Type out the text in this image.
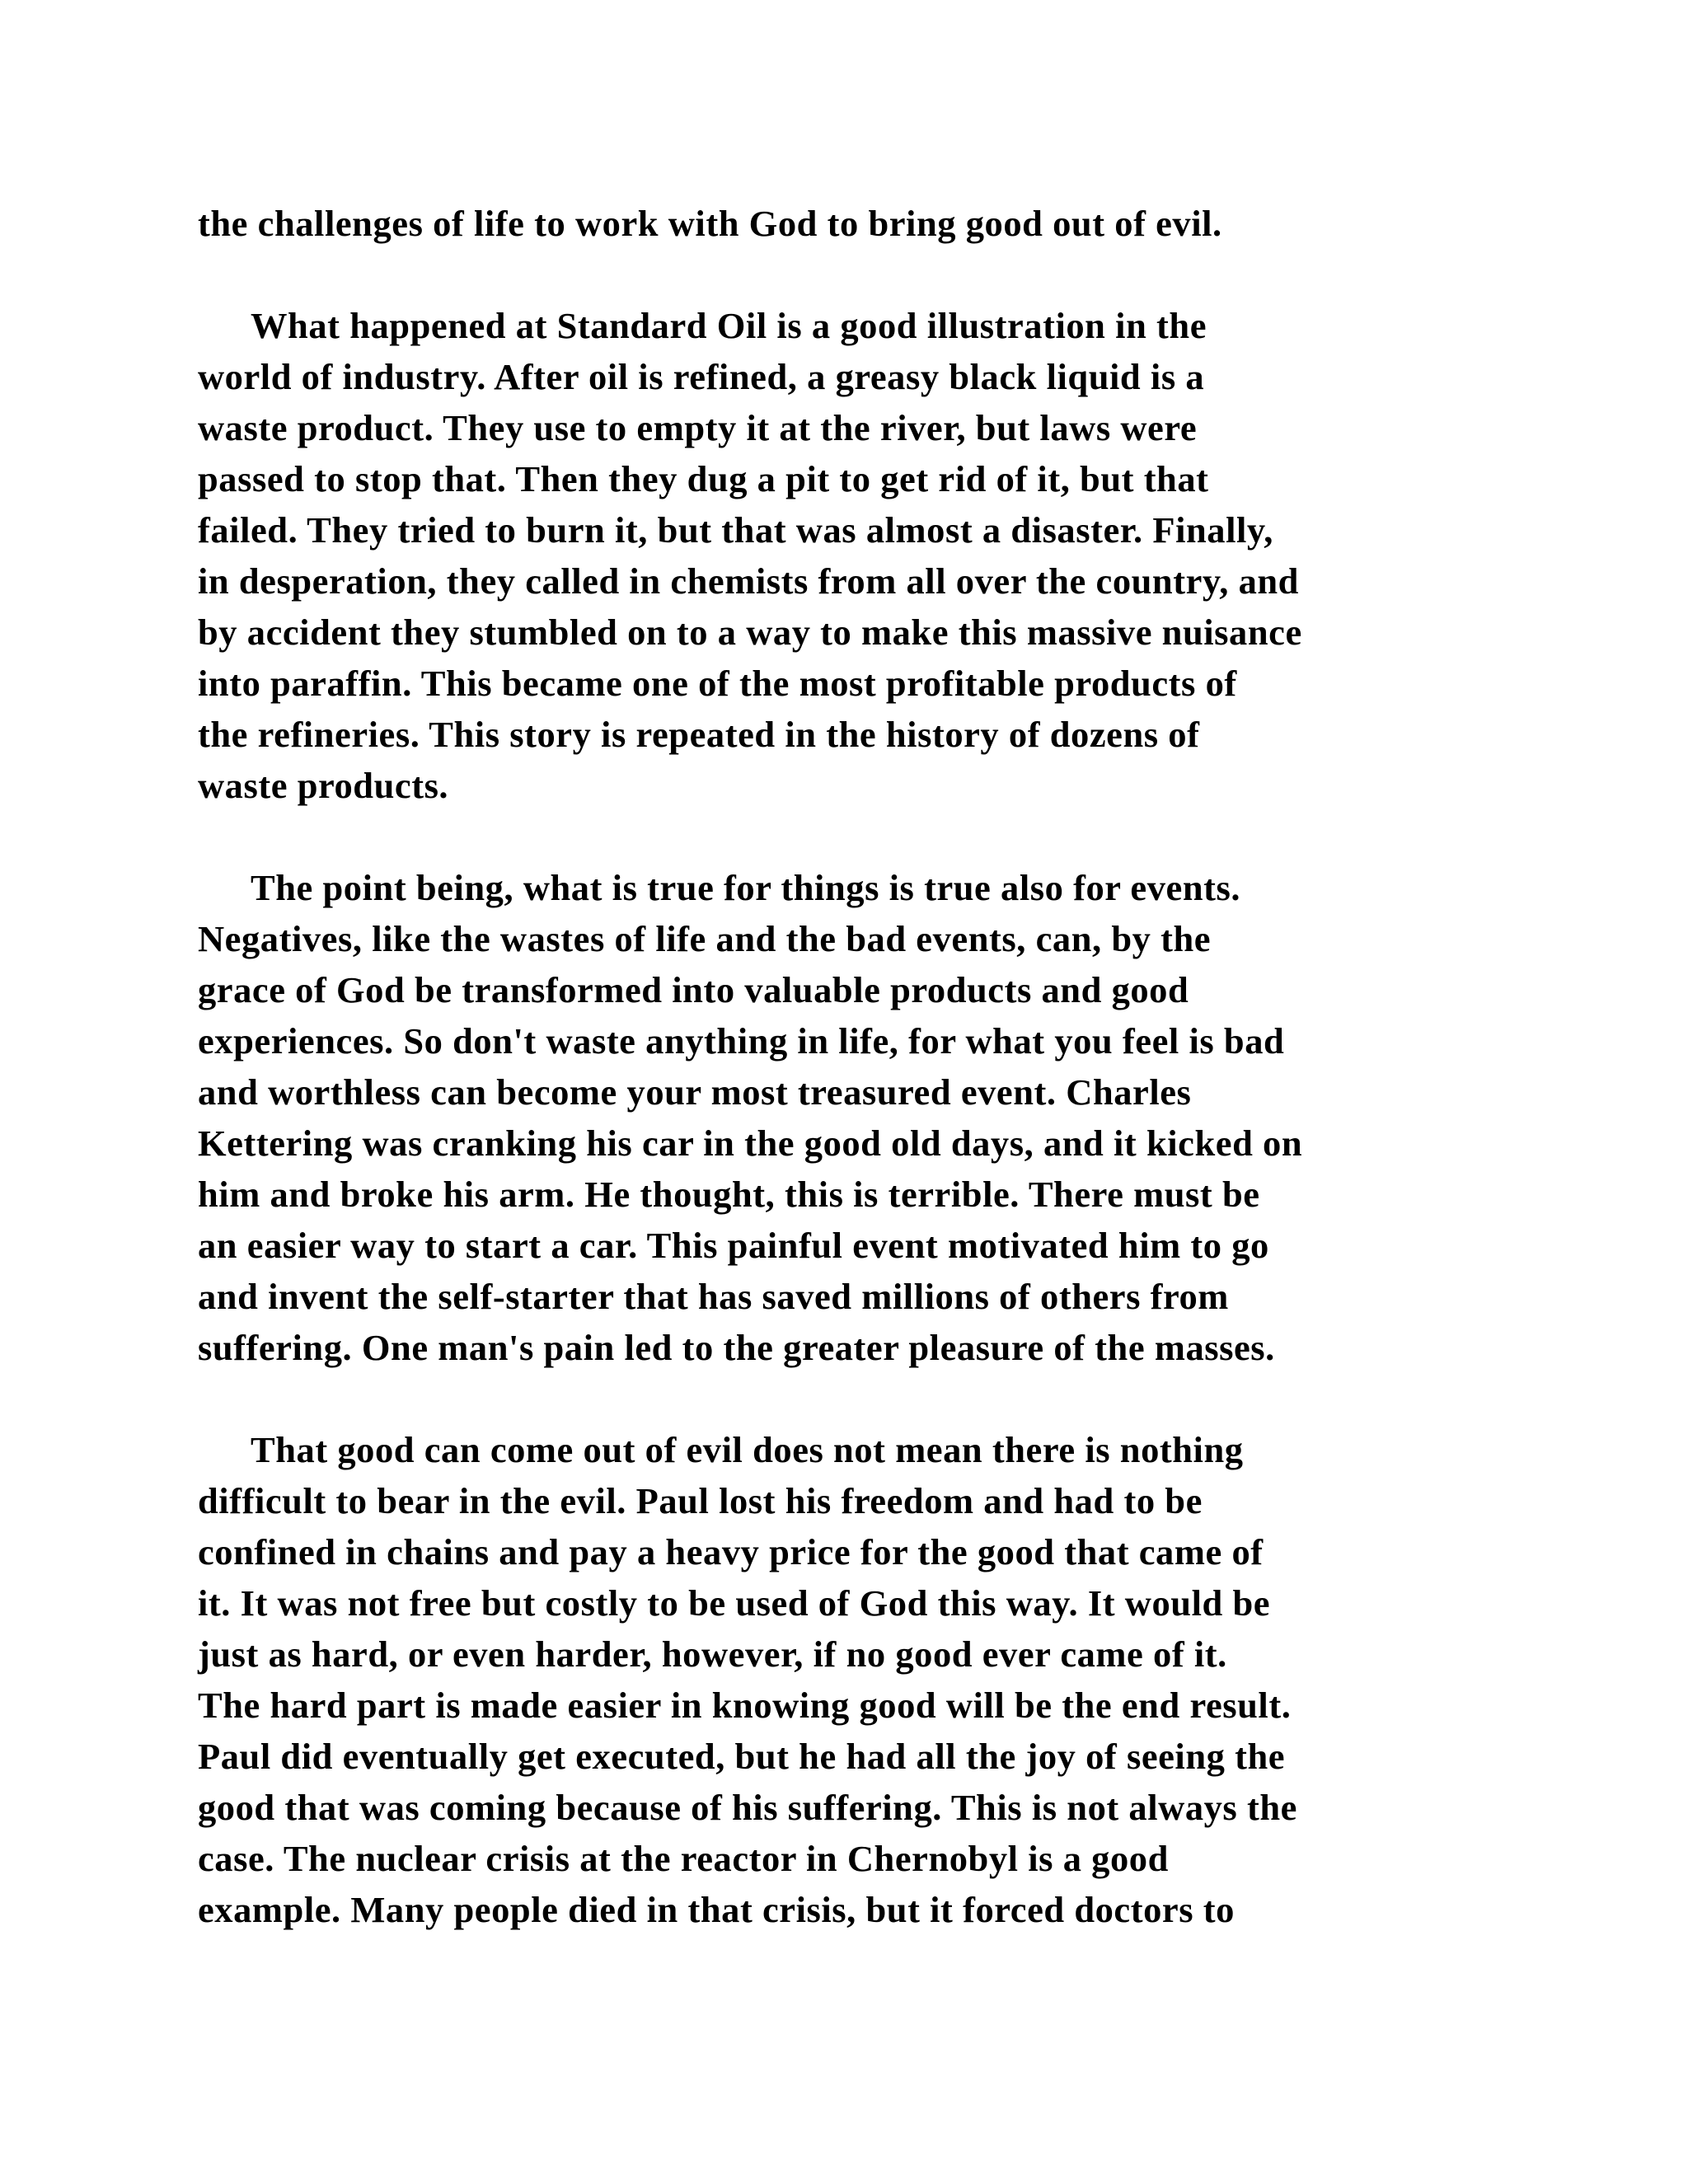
the challenges of life to work with God to bring good out of evil.
What happened at Standard Oil is a good illustration in the
world of industry. After oil is refined, a greasy black liquid is a
waste product. They use to empty it at the river, but laws were
passed to stop that. Then they dug a pit to get rid of it, but that
failed. They tried to burn it, but that was almost a disaster. Finally,
in desperation, they called in chemists from all over the country, and
by accident they stumbled on to a way to make this massive nuisance
into paraffin. This became one of the most profitable products of
the refineries. This story is repeated in the history of dozens of
waste products.
The point being, what is true for things is true also for events.
Negatives, like the wastes of life and the bad events, can, by the
grace of God be transformed into valuable products and good
experiences. So don't waste anything in life, for what you feel is bad
and worthless can become your most treasured event. Charles
Kettering was cranking his car in the good old days, and it kicked on
him and broke his arm. He thought, this is terrible. There must be
an easier way to start a car. This painful event motivated him to go
and invent the self-starter that has saved millions of others from
suffering. One man's pain led to the greater pleasure of the masses.
That good can come out of evil does not mean there is nothing
difficult to bear in the evil. Paul lost his freedom and had to be
confined in chains and pay a heavy price for the good that came of
it. It was not free but costly to be used of God this way. It would be
just as hard, or even harder, however, if no good ever came of it.
The hard part is made easier in knowing good will be the end result.
Paul did eventually get executed, but he had all the joy of seeing the
good that was coming because of his suffering. This is not always the
case. The nuclear crisis at the reactor in Chernobyl is a good
example. Many people died in that crisis, but it forced doctors to
